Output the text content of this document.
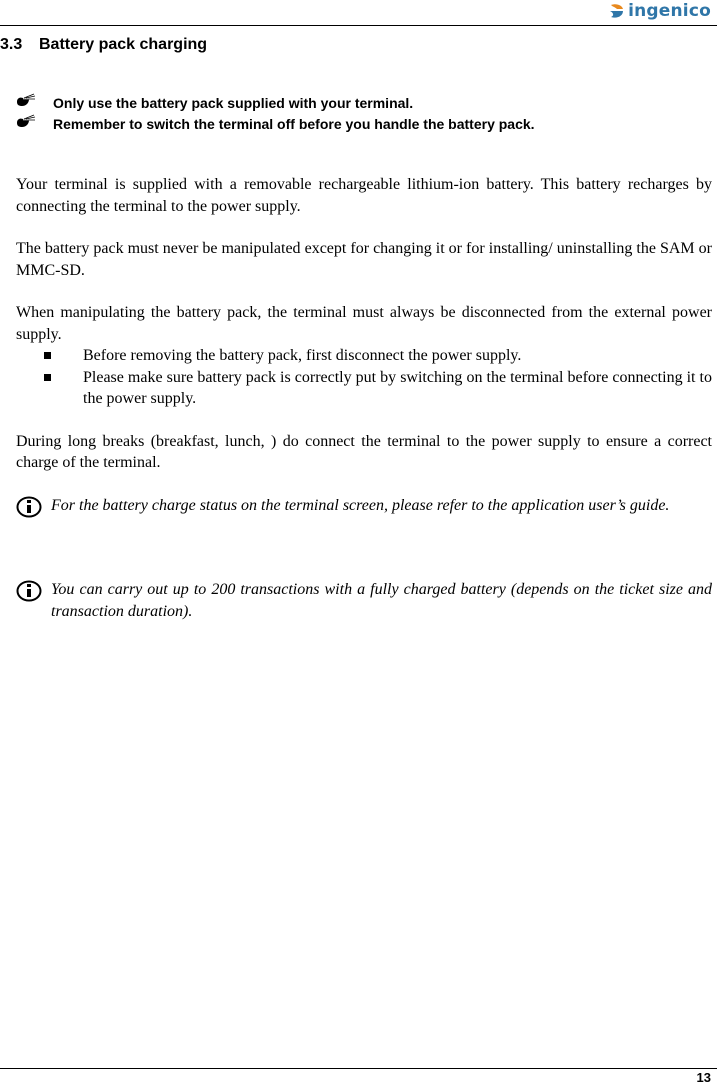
ingenico
3.3 Battery pack charging
Only use the battery pack supplied with your terminal.
Remember to switch the terminal off before you handle the battery pack.

Your terminal is supplied with a removable rechargeable lithium-ion battery. This battery recharges by connecting the terminal to the power supply.

The battery pack must never be manipulated except for changing it or for installing/ uninstalling the SAM or MMC-SD.

When manipulating the battery pack, the terminal must always be disconnected from the external power supply.

Before removing the battery pack, first disconnect the power supply.
Please make sure battery pack is correctly put by switching on the terminal before connecting it to the power supply.

During long breaks (breakfast, lunch, ) do connect the terminal to the power supply to ensure a correct charge of the terminal.

For the battery charge status on the terminal screen, please refer to the application user’s guide.
You can carry out up to 200 transactions with a fully charged battery (depends on the ticket size and transaction duration).
13
